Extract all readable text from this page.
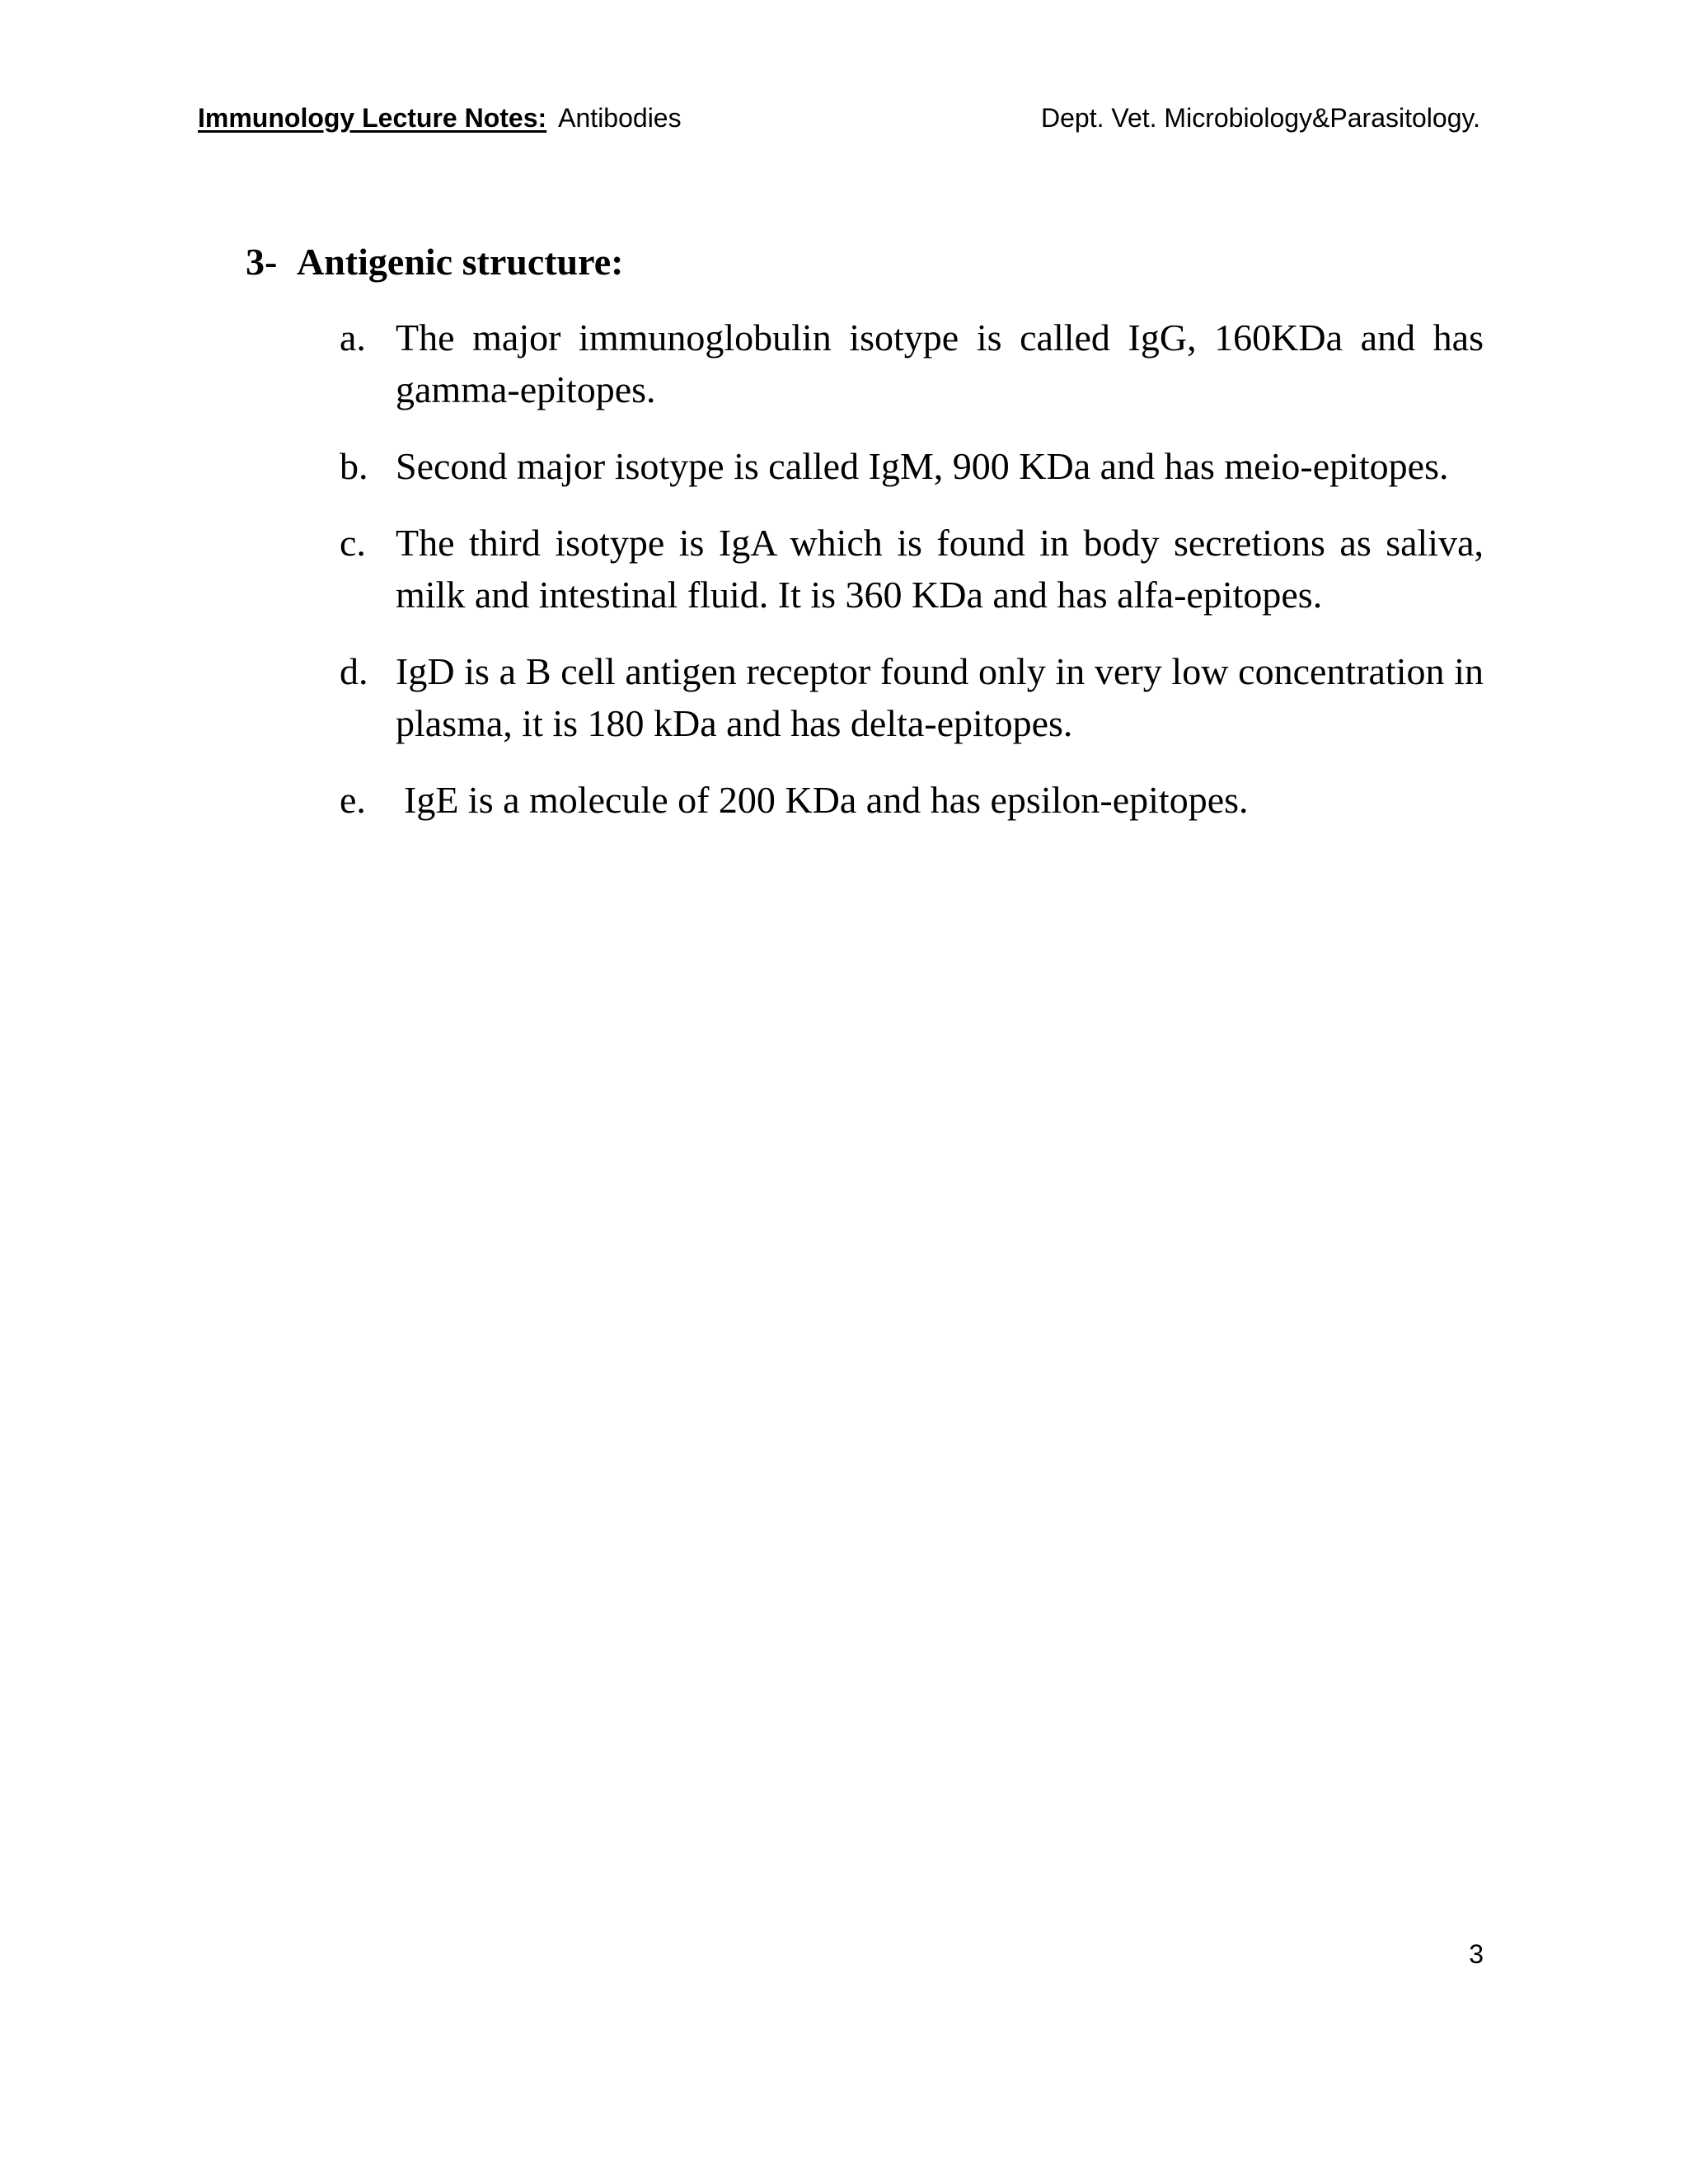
Immunology Lecture Notes: Antibodies	Dept. Vet. Microbiology&Parasitology.
3- Antigenic structure:
a. The major immunoglobulin isotype is called IgG, 160KDa and has gamma-epitopes.
b. Second major isotype is called IgM, 900 KDa and has meio-epitopes.
c. The third isotype is IgA which is found in body secretions as saliva, milk and intestinal fluid. It is 360 KDa and has alfa-epitopes.
d. IgD is a B cell antigen receptor found only in very low concentration in plasma, it is 180 kDa and has delta-epitopes.
e. IgE is a molecule of 200 KDa and has epsilon-epitopes.
3
